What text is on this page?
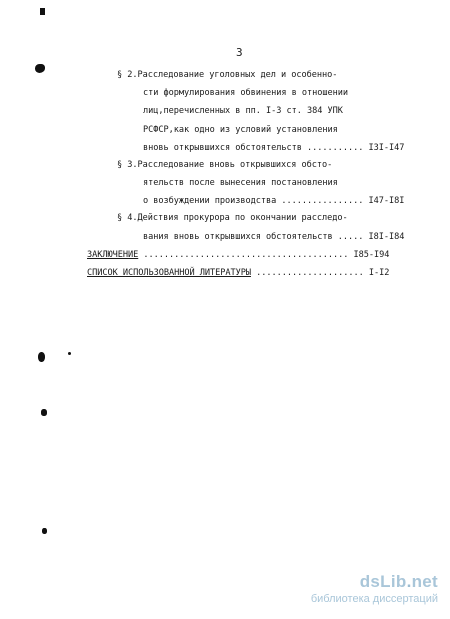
3
§ 2.Расследование уголовных дел и особенно-
сти формулирования обвинения в отношении
лиц,перечисленных в пп. I-3 ст. 384 УПК
РСФСР,как одно из условий установления
вновь открывшихся обстоятельств ........... I3I-I47
§ 3.Расследование вновь открывшихся обсто-
ятельств после вынесения постановления
о возбуждении производства ................ I47-I8I
§ 4.Действия прокурора по окончании расследо-
вания вновь открывшихся обстоятельств ..... I8I-I84
ЗАКЛЮЧЕНИЕ ........................................ I85-I94
СПИСОК ИСПОЛЬЗОВАННОЙ ЛИТЕРАТУРЫ ..................... I-I2
dsLib.net
библиотека диссертаций
